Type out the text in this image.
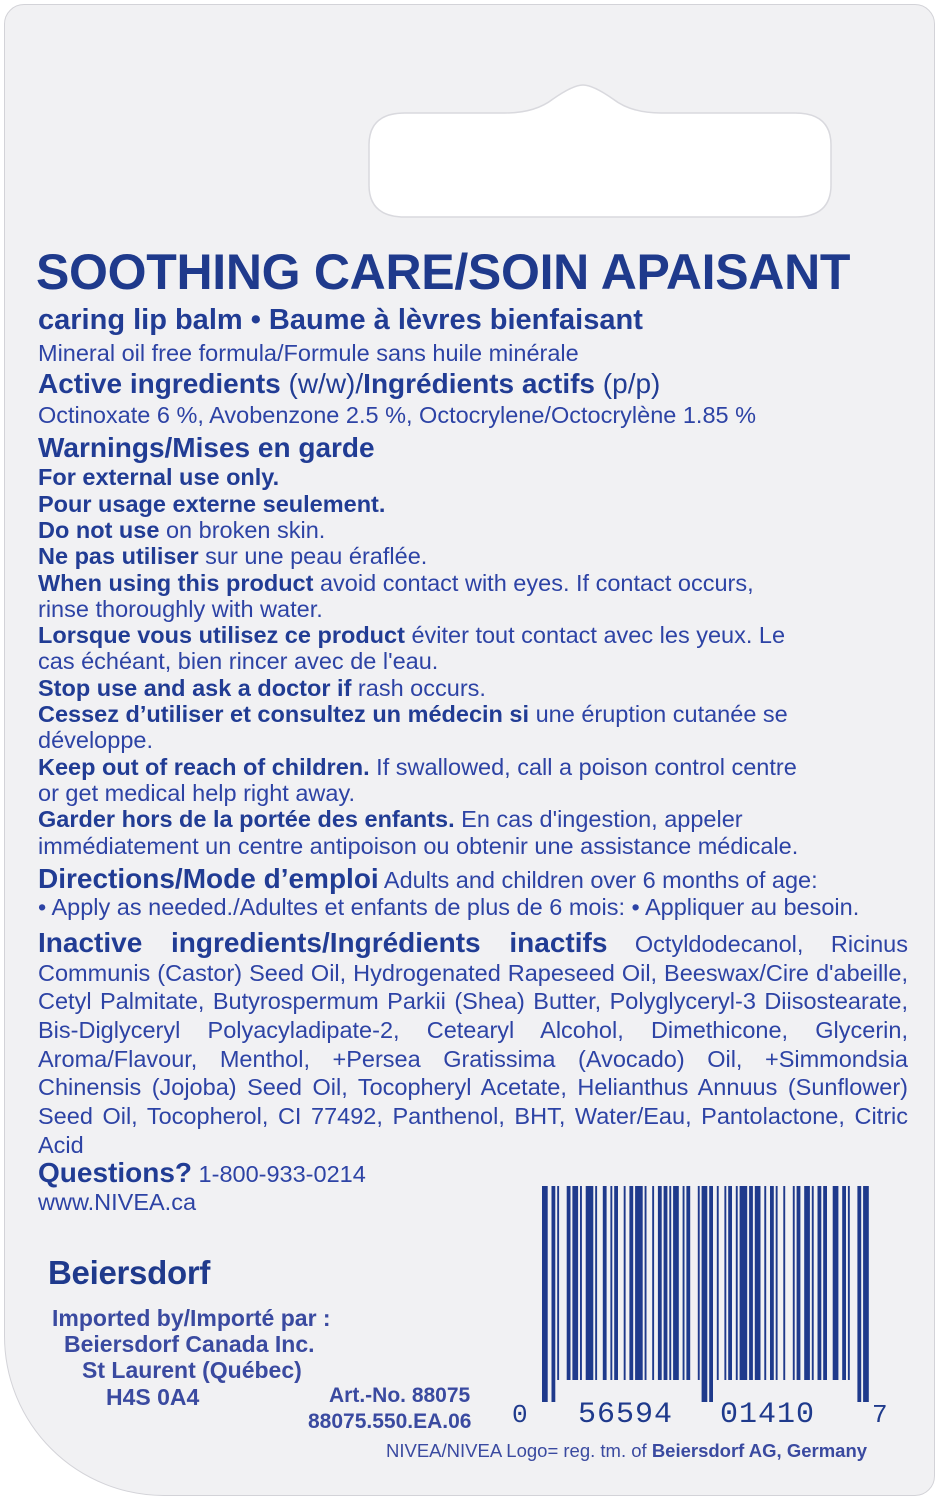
SOOTHING CARE/SOIN APAISANT
caring lip balm • Baume à lèvres bienfaisant
Mineral oil free formula/Formule sans huile minérale
Active ingredients (w/w)/Ingrédients actifs (p/p)
Octinoxate 6 %, Avobenzone 2.5 %, Octocrylene/Octocrylène 1.85 %
Warnings/Mises en garde
For external use only.
Pour usage externe seulement.
Do not use on broken skin.
Ne pas utiliser sur une peau éraflée.
When using this product avoid contact with eyes. If contact occurs,
rinse thoroughly with water.
Lorsque vous utilisez ce product éviter tout contact avec les yeux. Le
cas échéant, bien rincer avec de l'eau.
Stop use and ask a doctor if rash occurs.
Cessez d’utiliser et consultez un médecin si une éruption cutanée se
développe.
Keep out of reach of children. If swallowed, call a poison control centre
or get medical help right away.
Garder hors de la portée des enfants. En cas d'ingestion, appeler
immédiatement un centre antipoison ou obtenir une assistance médicale.
Directions/Mode d’emploi Adults and children over 6 months of age:
• Apply as needed./Adultes et enfants de plus de 6 mois: • Appliquer au besoin.
Inactive ingredients/Ingrédients inactifs Octyldodecanol, Ricinus Communis (Castor) Seed Oil, Hydrogenated Rapeseed Oil, Beeswax/Cire d'abeille, Cetyl Palmitate, Butyrospermum Parkii (Shea) Butter, Polyglyceryl-3 Diisostearate, Bis-Diglyceryl Polyacyladipate-2, Cetearyl Alcohol, Dimethicone, Glycerin, Aroma/Flavour, Menthol, +Persea Gratissima (Avocado) Oil, +Simmondsia Chinensis (Jojoba) Seed Oil, Tocopheryl Acetate, Helianthus Annuus (Sunflower) Seed Oil, Tocopherol, CI 77492, Panthenol, BHT, Water/Eau, Pantolactone, Citric Acid
Questions? 1-800-933-0214
www.NIVEA.ca
Beiersdorf
Imported by/Importé par :
Beiersdorf Canada Inc.
St Laurent (Québec)
H4S 0A4	Art.-No. 88075
88075.550.EA.06 0 56594 01410 7
NIVEA/NIVEA Logo= reg. tm. of Beiersdorf AG, Germany
